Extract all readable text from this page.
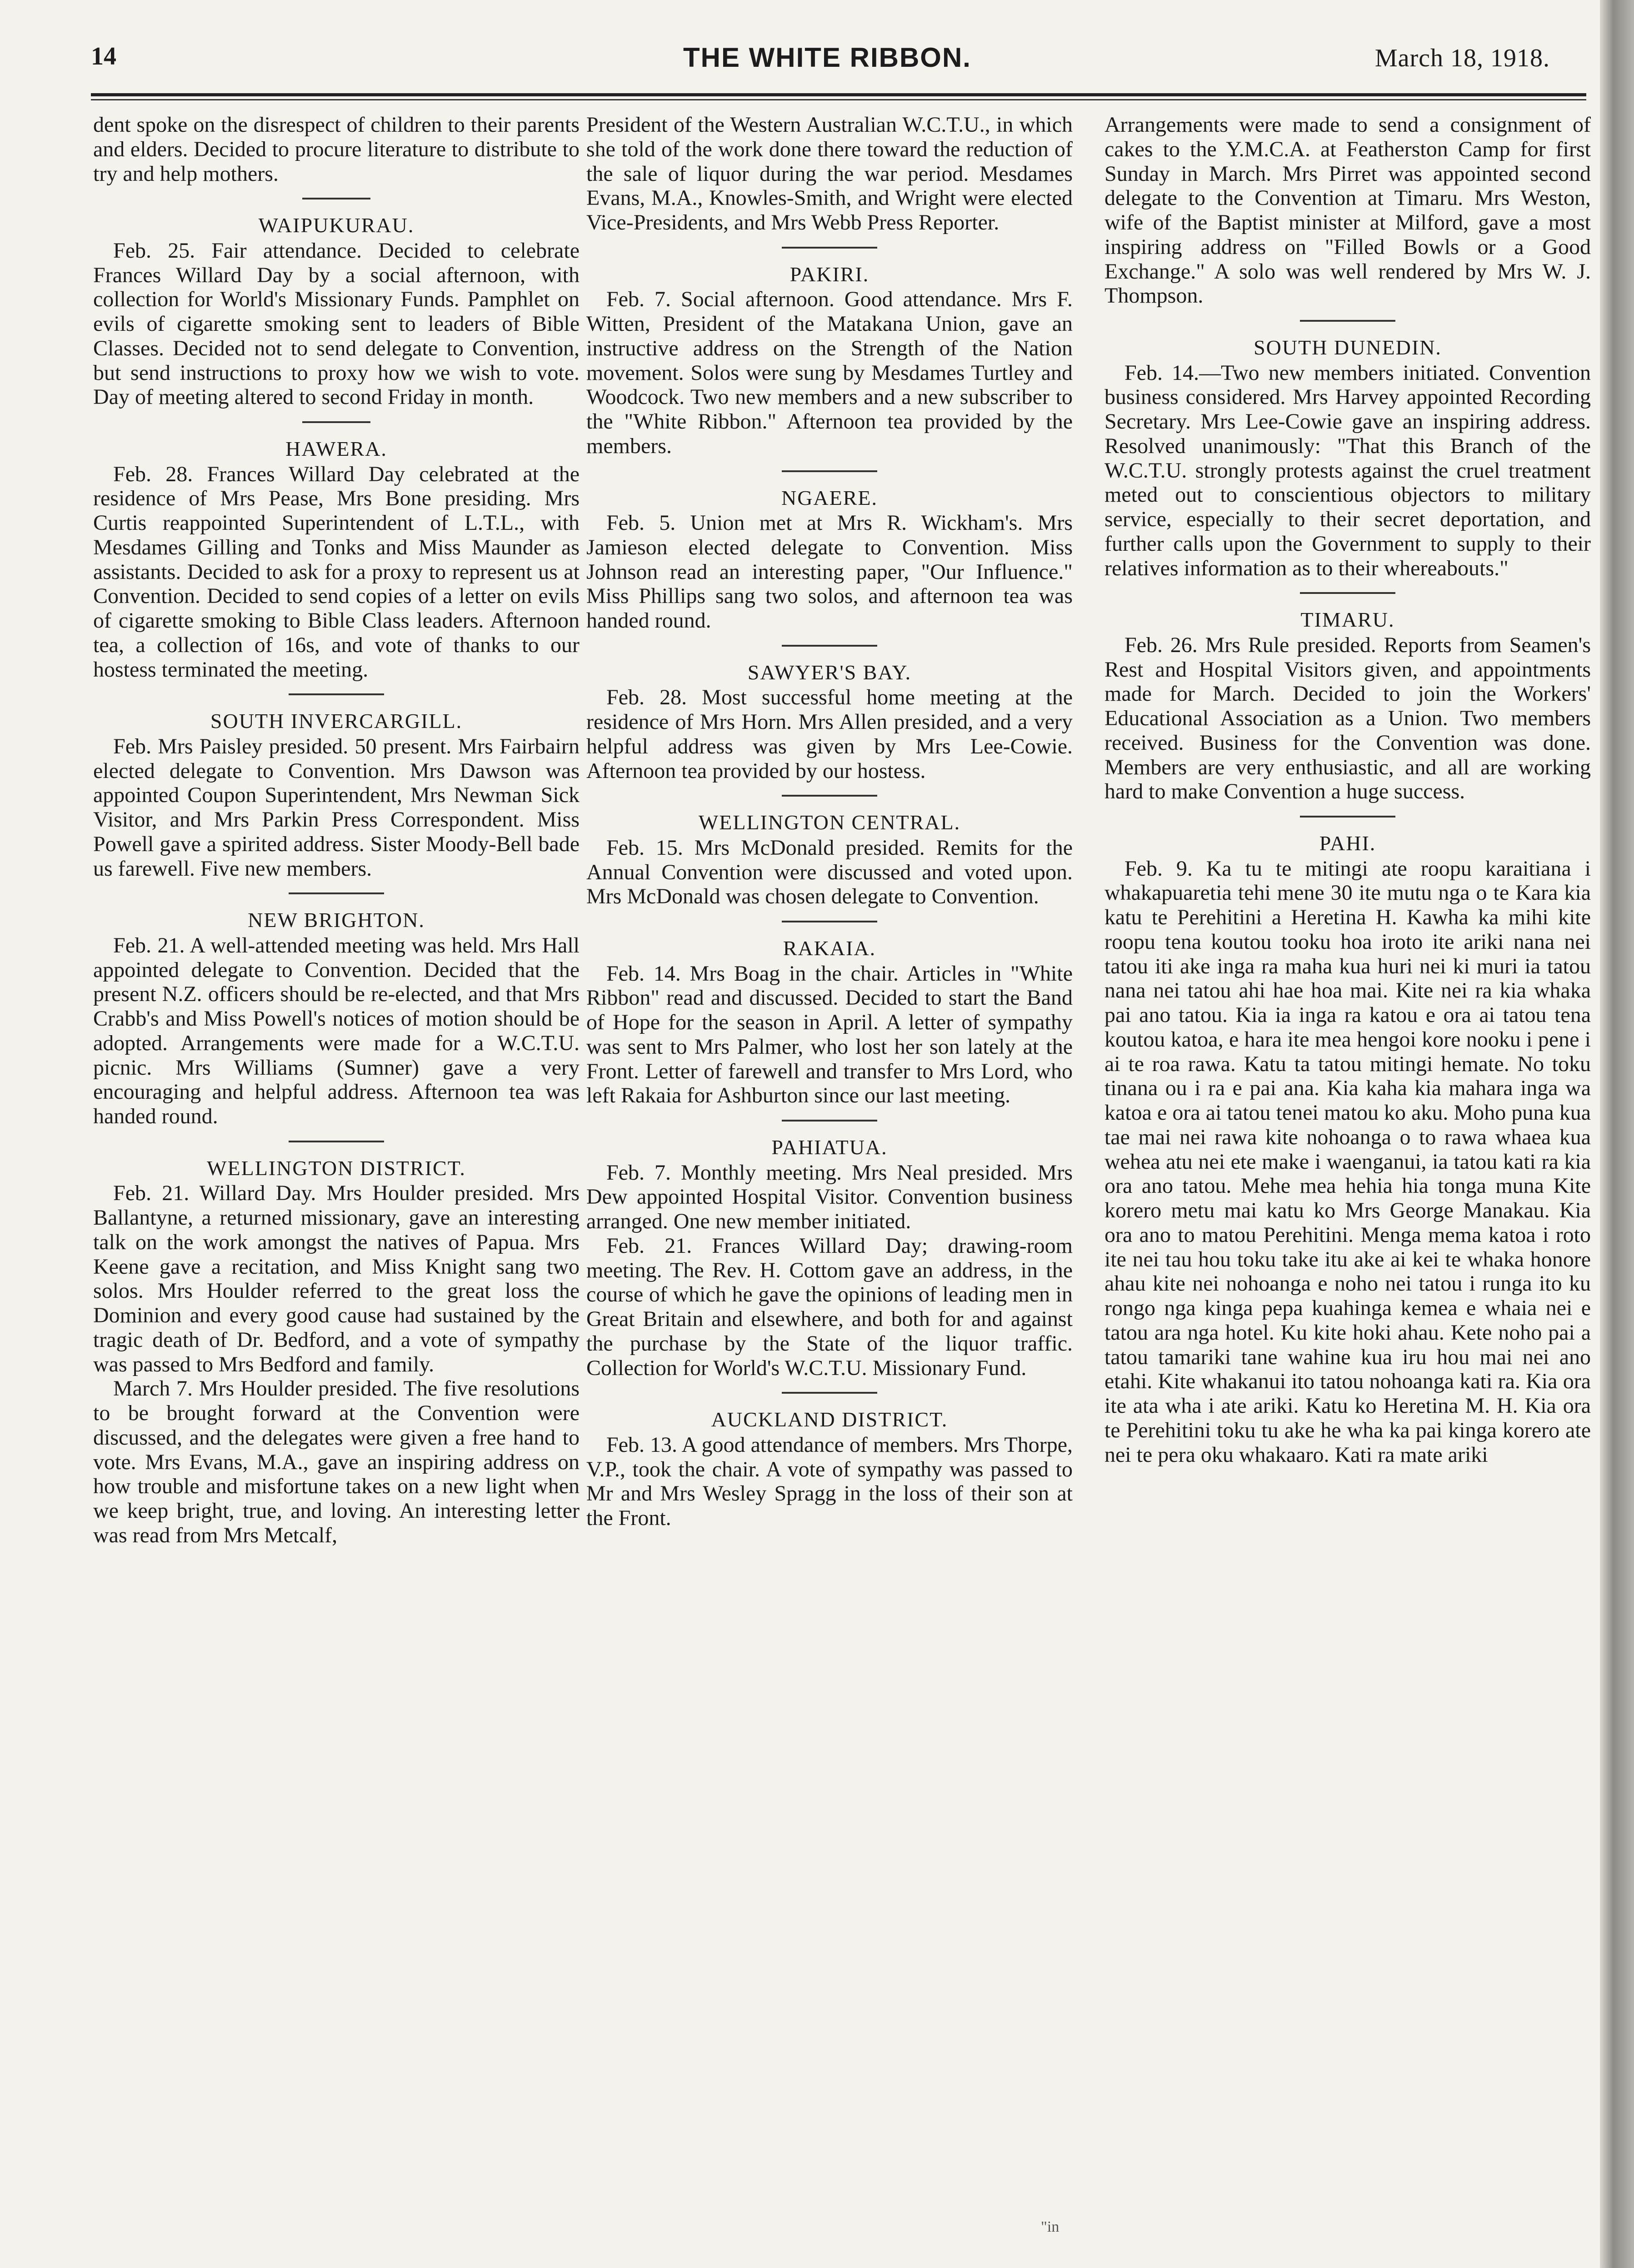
14	THE WHITE RIBBON.	March 18, 1918.

dent spoke on the disrespect of children to their parents and elders. Decided to procure literature to distribute to try and help mothers.

WAIPUKURAU.

Feb. 25. Fair attendance. Decided to celebrate Frances Willard Day by a social afternoon, with collection for World's Missionary Funds. Pamphlet on evils of cigarette smoking sent to leaders of Bible Classes. Decided not to send delegate to Convention, but send instructions to proxy how we wish to vote. Day of meeting altered to second Friday in month.

HAWERA.

Feb. 28. Frances Willard Day celebrated at the residence of Mrs Pease, Mrs Bone presiding. Mrs Curtis reappointed Superintendent of L.T.L., with Mesdames Gilling and Tonks and Miss Maunder as assistants. Decided to ask for a proxy to represent us at Convention. Decided to send copies of a letter on evils of cigarette smoking to Bible Class leaders. Afternoon tea, a collection of 16s, and vote of thanks to our hostess terminated the meeting.

SOUTH INVERCARGILL.

Feb. Mrs Paisley presided. 50 present. Mrs Fairbairn elected delegate to Convention. Mrs Dawson was appointed Coupon Superintendent, Mrs Newman Sick Visitor, and Mrs Parkin Press Correspondent. Miss Powell gave a spirited address. Sister Moody-Bell bade us farewell. Five new members.

NEW BRIGHTON.

Feb. 21. A well-attended meeting was held. Mrs Hall appointed delegate to Convention. Decided that the present N.Z. officers should be re-elected, and that Mrs Crabb's and Miss Powell's notices of motion should be adopted. Arrangements were made for a W.C.T.U. picnic. Mrs Williams (Sumner) gave a very encouraging and helpful address. Afternoon tea was handed round.

WELLINGTON DISTRICT.

Feb. 21. Willard Day. Mrs Houlder presided. Mrs Ballantyne, a returned missionary, gave an interesting talk on the work amongst the natives of Papua. Mrs Keene gave a recitation, and Miss Knight sang two solos. Mrs Houlder referred to the great loss the Dominion and every good cause had sustained by the tragic death of Dr. Bedford, and a vote of sympathy was passed to Mrs Bedford and family.

March 7. Mrs Houlder presided. The five resolutions to be brought forward at the Convention were discussed, and the delegates were given a free hand to vote. Mrs Evans, M.A., gave an inspiring address on how trouble and misfortune takes on a new light when we keep bright, true, and loving. An interesting letter was read from Mrs Metcalf,

President of the Western Australian W.C.T.U., in which she told of the work done there toward the reduction of the sale of liquor during the war period. Mesdames Evans, M.A., Knowles-Smith, and Wright were elected Vice-Presidents, and Mrs Webb Press Reporter.

PAKIRI.

Feb. 7. Social afternoon. Good attendance. Mrs F. Witten, President of the Matakana Union, gave an instructive address on the Strength of the Nation movement. Solos were sung by Mesdames Turtley and Woodcock. Two new members and a new subscriber to the "White Ribbon." Afternoon tea provided by the members.

NGAERE.

Feb. 5. Union met at Mrs R. Wickham's. Mrs Jamieson elected delegate to Convention. Miss Johnson read an interesting paper, "Our Influence." Miss Phillips sang two solos, and afternoon tea was handed round.

SAWYER'S BAY.

Feb. 28. Most successful home meeting at the residence of Mrs Horn. Mrs Allen presided, and a very helpful address was given by Mrs Lee-Cowie. Afternoon tea provided by our hostess.

WELLINGTON CENTRAL.

Feb. 15. Mrs McDonald presided. Remits for the Annual Convention were discussed and voted upon. Mrs McDonald was chosen delegate to Convention.

RAKAIA.

Feb. 14. Mrs Boag in the chair. Articles in "White Ribbon" read and discussed. Decided to start the Band of Hope for the season in April. A letter of sympathy was sent to Mrs Palmer, who lost her son lately at the Front. Letter of farewell and transfer to Mrs Lord, who left Rakaia for Ashburton since our last meeting.

PAHIATUA.

Feb. 7. Monthly meeting. Mrs Neal presided. Mrs Dew appointed Hospital Visitor. Convention business arranged. One new member initiated.

Feb. 21. Frances Willard Day; drawing-room meeting. The Rev. H. Cottom gave an address, in the course of which he gave the opinions of leading men in Great Britain and elsewhere, and both for and against the purchase by the State of the liquor traffic. Collection for World's W.C.T.U. Missionary Fund.

AUCKLAND DISTRICT.

Feb. 13. A good attendance of members. Mrs Thorpe, V.P., took the chair. A vote of sympathy was passed to Mr and Mrs Wesley Spragg in the loss of their son at the Front.

Arrangements were made to send a consignment of cakes to the Y.M.C.A. at Featherston Camp for first Sunday in March. Mrs Pirret was appointed second delegate to the Convention at Timaru. Mrs Weston, wife of the Baptist minister at Milford, gave a most inspiring address on "Filled Bowls or a Good Exchange." A solo was well rendered by Mrs W. J. Thompson.

SOUTH DUNEDIN.

Feb. 14.—Two new members initiated. Convention business considered. Mrs Harvey appointed Recording Secretary. Mrs Lee-Cowie gave an inspiring address. Resolved unanimously: "That this Branch of the W.C.T.U. strongly protests against the cruel treatment meted out to conscientious objectors to military service, especially to their secret deportation, and further calls upon the Government to supply to their relatives information as to their whereabouts."

TIMARU.

Feb. 26. Mrs Rule presided. Reports from Seamen's Rest and Hospital Visitors given, and appointments made for March. Decided to join the Workers' Educational Association as a Union. Two members received. Business for the Convention was done. Members are very enthusiastic, and all are working hard to make Convention a huge success.

PAHI.

Feb. 9. Ka tu te mitingi ate roopu karaitiana i whakapuaretia tehi mene 30 ite mutu nga o te Kara kia katu te Perehitini a Heretina H. Kawha ka mihi kite roopu tena koutou tooku hoa iroto ite ariki nana nei tatou iti ake inga ra maha kua huri nei ki muri ia tatou nana nei tatou ahi hae hoa mai. Kite nei ra kia whaka pai ano tatou. Kia ia inga ra katou e ora ai tatou tena koutou katoa, e hara ite mea hengoi kore nooku i pene i ai te roa rawa. Katu ta tatou mitingi hemate. No toku tinana ou i ra e pai ana. Kia kaha kia mahara inga wa katoa e ora ai tatou tenei matou ko aku. Moho puna kua tae mai nei rawa kite nohoanga o to rawa whaea kua wehea atu nei ete make i waenganui, ia tatou kati ra kia ora ano tatou. Mehe mea hehia hia tonga muna Kite korero metu mai katu ko Mrs George Manakau. Kia ora ano to matou Perehitini. Menga mema katoa i roto ite nei tau hou toku take itu ake ai kei te whaka honore ahau kite nei nohoanga e noho nei tatou i runga ito ku rongo nga kinga pepa kuahinga kemea e whaia nei e tatou ara nga hotel. Ku kite hoki ahau. Kete noho pai a tatou tamariki tane wahine kua iru hou mai nei ano etahi. Kite whakanui ito tatou nohoanga kati ra. Kia ora ite ata wha i ate ariki. Katu ko Heretina M. H. Kia ora te Perehitini toku tu ake he wha ka pai kinga korero ate nei te pera oku whakaaro. Kati ra mate ariki

"in
